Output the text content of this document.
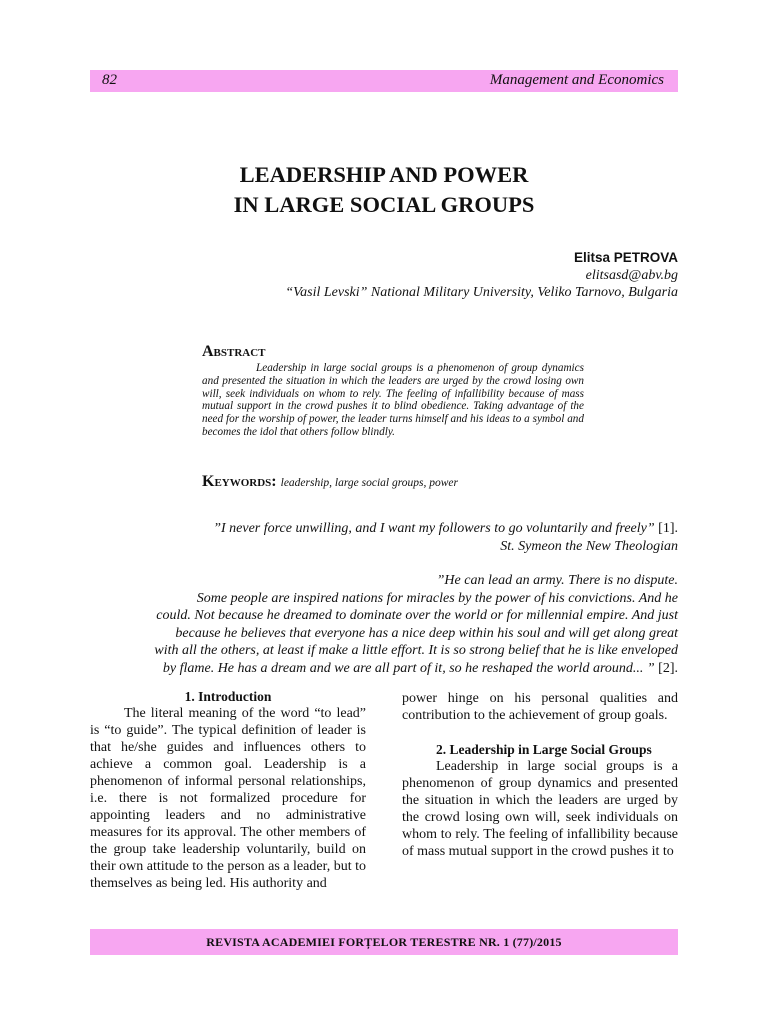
82	Management and Economics
LEADERSHIP AND POWER
IN LARGE SOCIAL GROUPS
Elitsa PETROVA
elitsasd@abv.bg
“Vasil Levski” National Military University, Veliko Tarnovo, Bulgaria
Abstract
Leadership in large social groups is a phenomenon of group dynamics and presented the situation in which the leaders are urged by the crowd losing own will, seek individuals on whom to rely. The feeling of infallibility because of mass mutual support in the crowd pushes it to blind obedience. Taking advantage of the need for the worship of power, the leader turns himself and his ideas to a symbol and becomes the idol that others follow blindly.
Keywords: leadership, large social groups, power
”I never force unwilling, and I want my followers to go voluntarily and freely” [1].
St. Symeon the New Theologian
”He can lead an army. There is no dispute.
Some people are inspired nations for miracles by the power of his convictions. And he
could. Not because he dreamed to dominate over the world or for millennial empire. And just
because he believes that everyone has a nice deep within his soul and will get along great
with all the others, at least if make a little effort. It is so strong belief that he is like enveloped
by flame. He has a dream and we are all part of it, so he reshaped the world around... ” [2].
1. Introduction

The literal meaning of the word “to lead” is “to guide”. The typical definition of leader is that he/she guides and influences others to achieve a common goal. Leadership is a phenomenon of informal personal relationships, i.e. there is not formalized procedure for appointing leaders and no administrative measures for its approval. The other members of the group take leadership voluntarily, build on their own attitude to the person as a leader, but to themselves as being led. His authority and

power hinge on his personal qualities and contribution to the achievement of group goals.

2. Leadership in Large Social Groups

Leadership in large social groups is a phenomenon of group dynamics and presented the situation in which the leaders are urged by the crowd losing own will, seek individuals on whom to rely. The feeling of infallibility because of mass mutual support in the crowd pushes it to

REVISTA ACADEMIEI FORȚELOR TERESTRE NR. 1 (77)/2015
